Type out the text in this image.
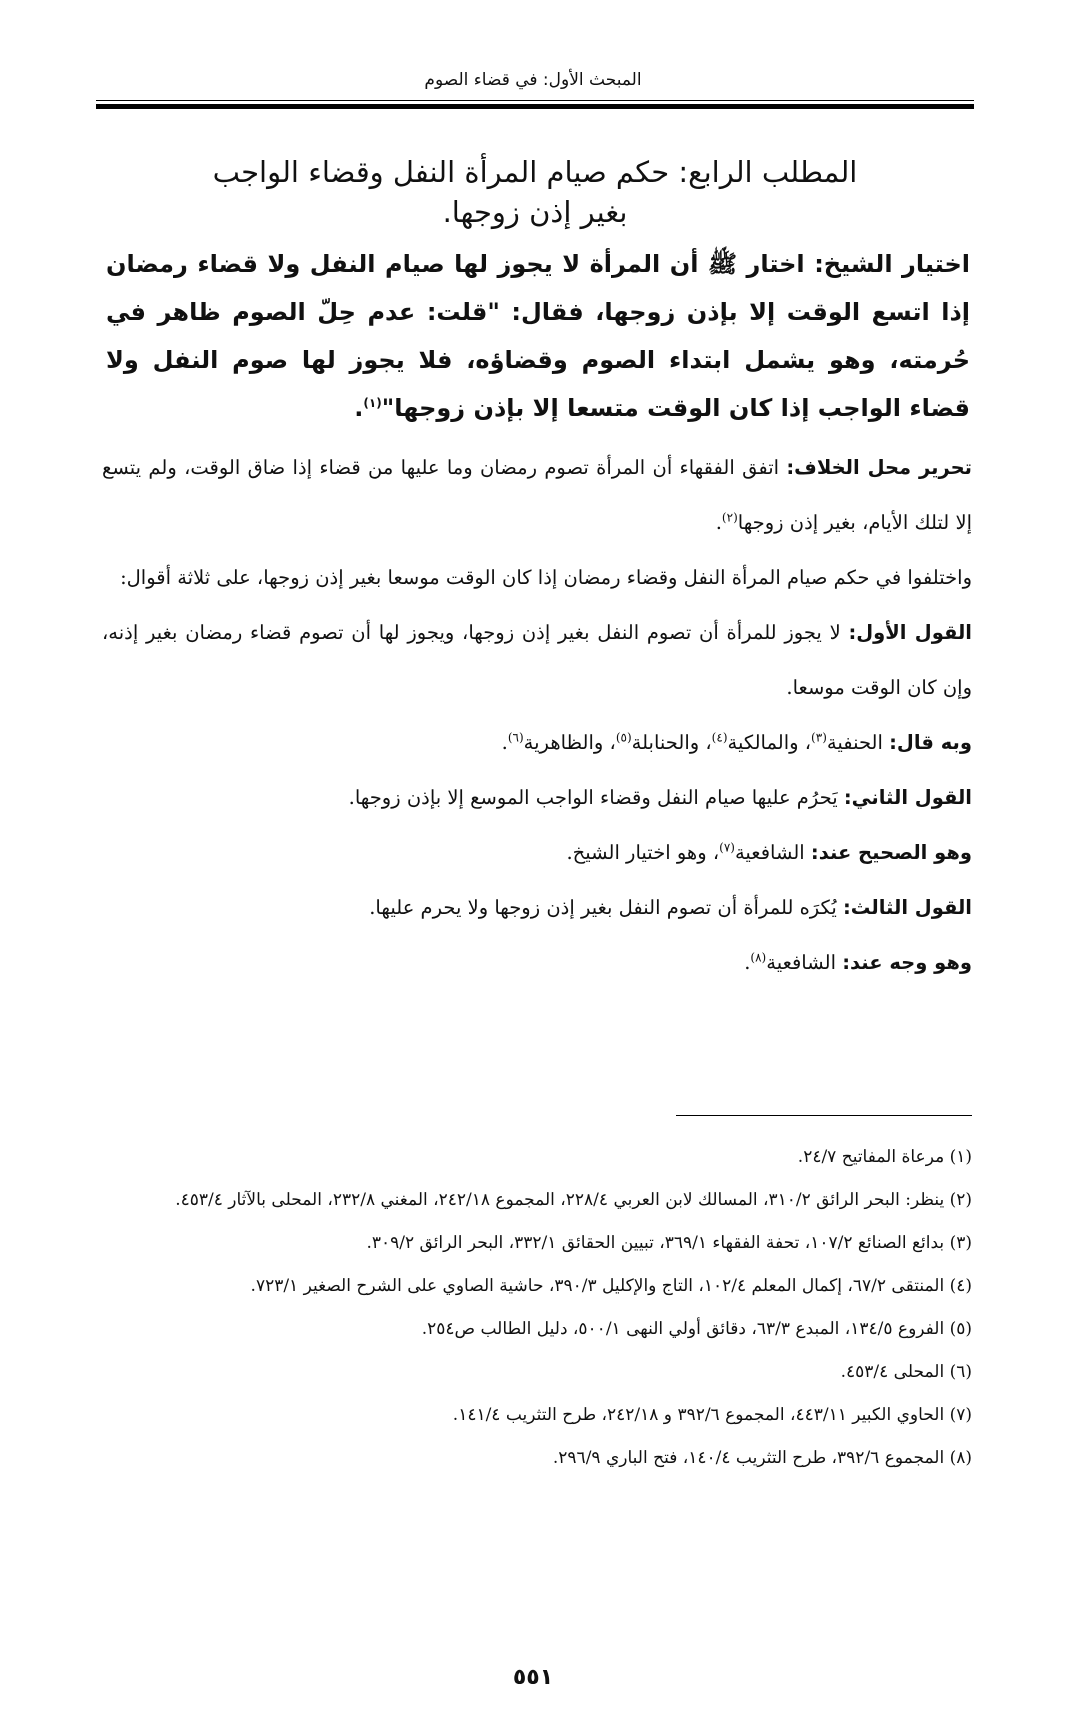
المبحث الأول: في قضاء الصوم
المطلب الرابع: حكم صيام المرأة النفل وقضاء الواجب
بغير إذن زوجها.
اختيار الشيخ: اختار ﷺ أن المرأة لا يجوز لها صيام النفل ولا قضاء رمضان إذا اتسع الوقت إلا بإذن زوجها، فقال: "قلت: عدم حِلّ الصوم ظاهر في حُرمته، وهو يشمل ابتداء الصوم وقضاؤه، فلا يجوز لها صوم النفل ولا قضاء الواجب إذا كان الوقت متسعا إلا بإذن زوجها"$^{(١)}$.

تحرير محل الخلاف: اتفق الفقهاء أن المرأة تصوم رمضان وما عليها من قضاء إذا ضاق الوقت، ولم يتسع إلا لتلك الأيام، بغير إذن زوجها$^{(٢)}$.

واختلفوا في حكم صيام المرأة النفل وقضاء رمضان إذا كان الوقت موسعا بغير إذن زوجها، على ثلاثة أقوال:

القول الأول: لا يجوز للمرأة أن تصوم النفل بغير إذن زوجها، ويجوز لها أن تصوم قضاء رمضان بغير إذنه، وإن كان الوقت موسعا.

وبه قال: الحنفية$^{(٣)}$، والمالكية$^{(٤)}$، والحنابلة$^{(٥)}$، والظاهرية$^{(٦)}$.

القول الثاني: يَحرُم عليها صيام النفل وقضاء الواجب الموسع إلا بإذن زوجها.

وهو الصحيح عند: الشافعية$^{(٧)}$، وهو اختيار الشيخ.

القول الثالث: يُكرَه للمرأة أن تصوم النفل بغير إذن زوجها ولا يحرم عليها.

وهو وجه عند: الشافعية$^{(٨)}$.

(١) مرعاة المفاتيح ٢٤/٧.

(٢) ينظر: البحر الرائق ٣١٠/٢، المسالك لابن العربي ٢٢٨/٤، المجموع ٢٤٢/١٨، المغني ٢٣٢/٨، المحلى بالآثار ٤٥٣/٤.

(٣) بدائع الصنائع ١٠٧/٢، تحفة الفقهاء ٣٦٩/١، تبيين الحقائق ٣٣٢/١، البحر الرائق ٣٠٩/٢.

(٤) المنتقى ٦٧/٢، إكمال المعلم ١٠٢/٤، التاج والإكليل ٣٩٠/٣، حاشية الصاوي على الشرح الصغير ٧٢٣/١.

(٥) الفروع ١٣٤/٥، المبدع ٦٣/٣، دقائق أولي النهى ٥٠٠/١، دليل الطالب ص٢٥٤.

(٦) المحلى ٤٥٣/٤.

(٧) الحاوي الكبير ٤٤٣/١١، المجموع ٣٩٢/٦ و ٢٤٢/١٨، طرح التثريب ١٤١/٤.

(٨) المجموع ٣٩٢/٦، طرح التثريب ١٤٠/٤، فتح الباري ٢٩٦/٩.

٥٥١
